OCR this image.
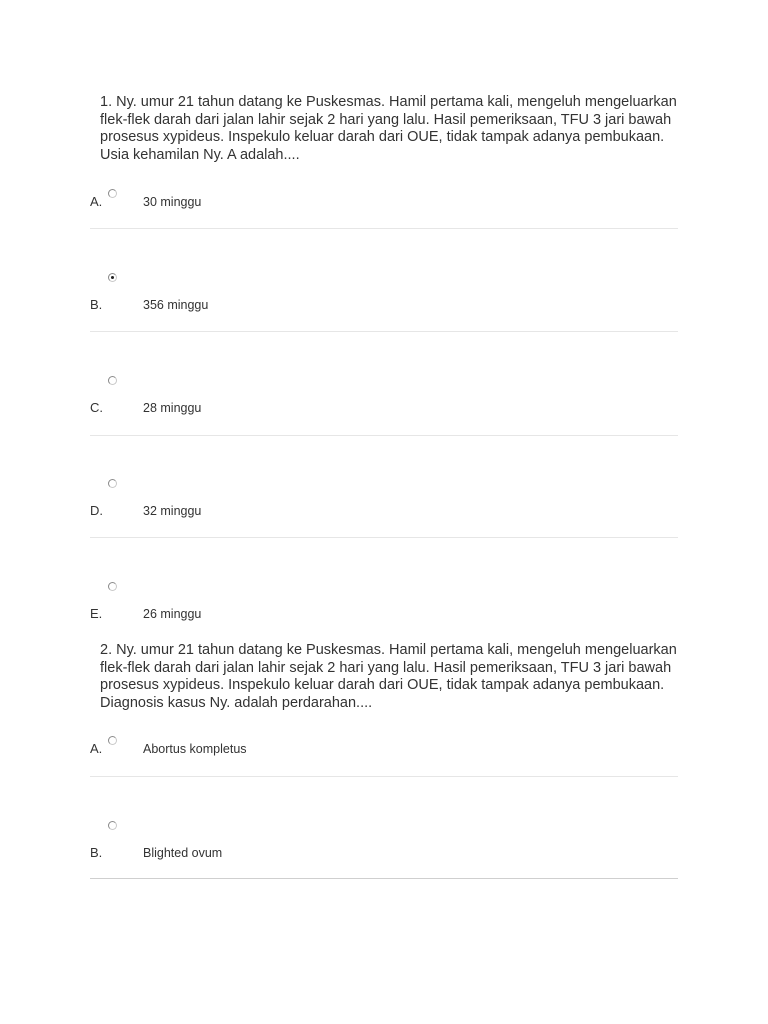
1. Ny. umur 21 tahun datang ke Puskesmas. Hamil pertama kali, mengeluh mengeluarkan flek-flek darah dari jalan lahir sejak 2 hari yang lalu. Hasil pemeriksaan, TFU 3 jari bawah prosesus xypideus. Inspekulo keluar darah dari OUE, tidak tampak adanya pembukaan. Usia kehamilan Ny. A adalah....
A.	30 minggu
B.	356 minggu
C.	28 minggu
D.	32 minggu
E.	26 minggu
2. Ny. umur 21 tahun datang ke Puskesmas. Hamil pertama kali, mengeluh mengeluarkan flek-flek darah dari jalan lahir sejak 2 hari yang lalu. Hasil pemeriksaan, TFU 3 jari bawah prosesus xypideus. Inspekulo keluar darah dari OUE, tidak tampak adanya pembukaan. Diagnosis kasus Ny. adalah perdarahan....
A.	Abortus kompletus
B.	Blighted ovum
